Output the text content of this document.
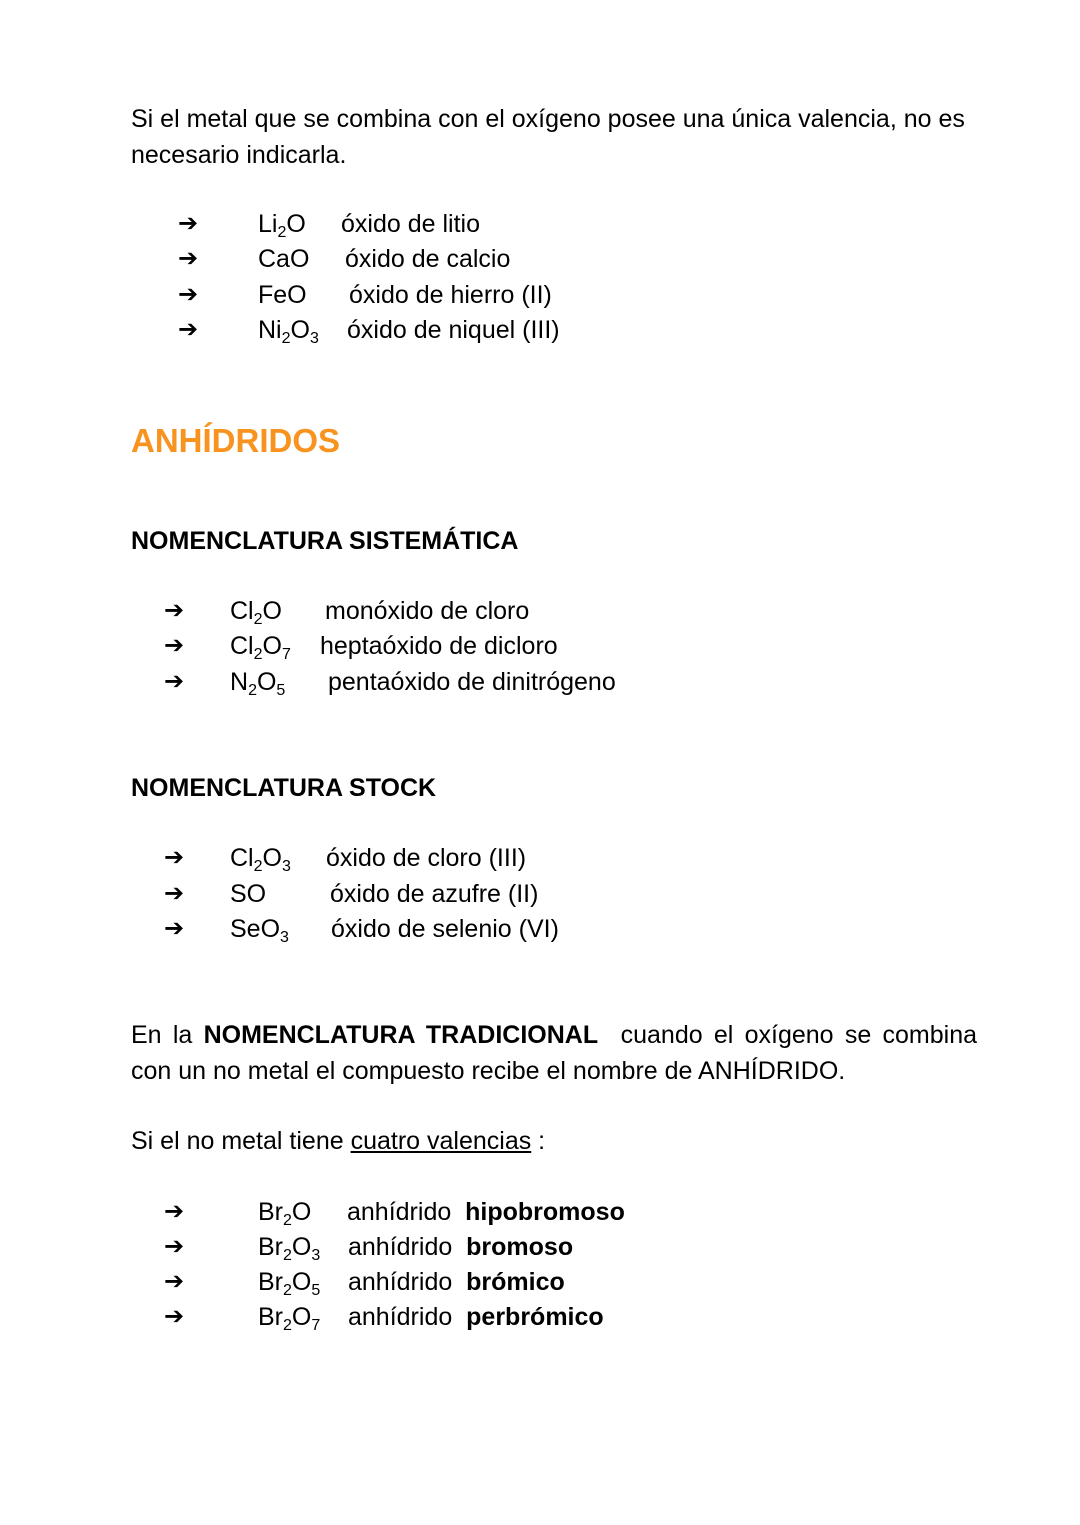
Si el metal que se combina con el oxígeno posee una única valencia, no es necesario indicarla.

➔ $Li_2O$ óxido de litio
➔ CaO óxido de calcio
➔ FeO óxido de hierro (II)
➔ $Ni_2O_3$ óxido de niquel (III)
ANHÍDRIDOS
NOMENCLATURA SISTEMÁTICA
➔ $Cl_2O$ monóxido de cloro
➔ $Cl_2O_7$ heptaóxido de dicloro
➔ $N_2O_5$ pentaóxido de dinitrógeno
NOMENCLATURA STOCK
➔ $Cl_2O_3$ óxido de cloro (III)
➔ SO	óxido de azufre (II)
➔ SeO$_3$ óxido de selenio (VI)

En la NOMENCLATURA TRADICIONAL  cuando el oxígeno se combina con un no metal el compuesto recibe el nombre de ANHÍDRIDO.

Si el no metal tiene cuatro valencias :

➔	$Br_2O$ anhídrido hipobromoso
➔	$Br_2O_3$ anhídrido bromoso
➔	$Br_2O_5$ anhídrido brómico
➔	$Br_2O_7$ anhídrido perbrómico
